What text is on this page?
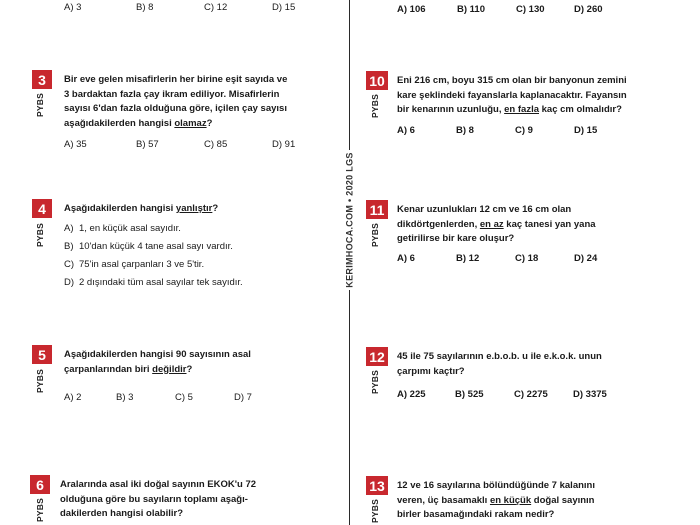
KERIMHOCA.COM • 2020 LGS
A) 3	B) 8	C) 12	D) 15	A) 106	B) 110	C) 130	D) 260
3
PYBS
Bir eve gelen misafirlerin her birine eşit sayıda ve
3 bardaktan fazla çay ikram ediliyor. Misafirlerin
sayısı 6'dan fazla olduğuna göre, içilen çay sayısı
aşağıdakilerden hangisi olamaz?
A) 35	B) 57	C) 85	D) 91
4
PYBS
Aşağıdakilerden hangisi yanlıştır?
A) 1, en küçük asal sayıdır.
B) 10'dan küçük 4 tane asal sayı vardır.
C) 75'in asal çarpanları 3 ve 5'tir.
D) 2 dışındaki tüm asal sayılar tek sayıdır.
5
PYBS
Aşağıdakilerden hangisi 90 sayısının asal
çarpanlarından biri değildir?
A) 2	B) 3	C) 5	D) 7
6
PYBS
Aralarında asal iki doğal sayının EKOK'u 72
olduğuna göre bu sayıların toplamı aşağı-
dakilerden hangisi olabilir?
10
PYBS
Eni 216 cm, boyu 315 cm olan bir banyonun zemini
kare şeklindeki fayanslarla kaplanacaktır. Fayansın
bir kenarının uzunluğu, en fazla kaç cm olmalıdır?
A) 6	B) 8	C) 9	D) 15
11
PYBS
Kenar uzunlukları 12 cm ve 16 cm olan
dikdörtgenlerden, en az kaç tanesi yan yana
getirilirse bir kare oluşur?
A) 6	B) 12	C) 18	D) 24
12
PYBS
45 ile 75 sayılarının e.b.o.b. u ile e.k.o.k. unun
çarpımı kaçtır?
A) 225	B) 525	C) 2275	D) 3375
13
PYBS
12 ve 16 sayılarına bölündüğünde 7 kalanını
veren, üç basamaklı en küçük doğal sayının
birler basamağındaki rakam nedir?
